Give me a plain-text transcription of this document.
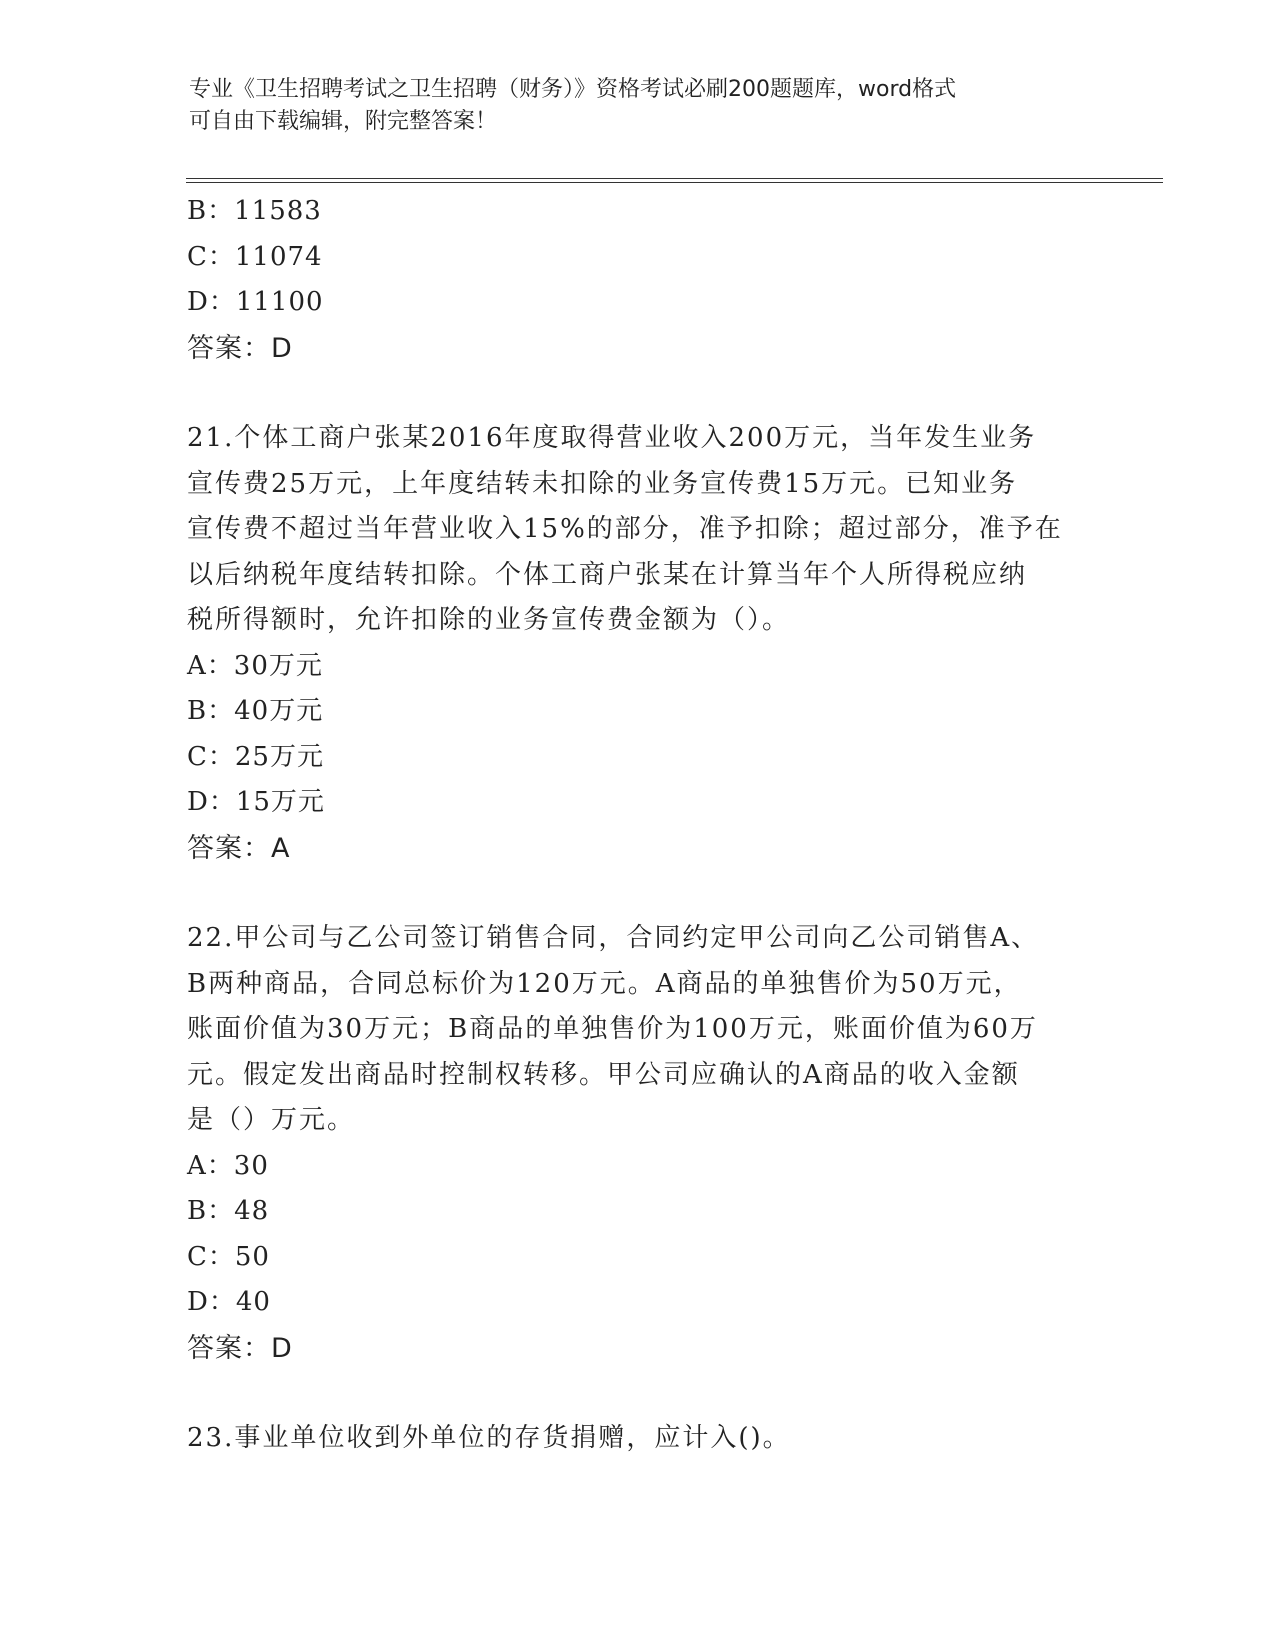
专业《卫生招聘考试之卫生招聘（财务）》资格考试必刷200题题库，word格式
可自由下载编辑，附完整答案！
B：11583
C：11074
D：11100
答案：D
21.个体工商户张某2016年度取得营业收入200万元，当年发生业务
宣传费25万元，上年度结转未扣除的业务宣传费15万元。已知业务
宣传费不超过当年营业收入15%的部分，准予扣除；超过部分，准予在
以后纳税年度结转扣除。个体工商户张某在计算当年个人所得税应纳
税所得额时，允许扣除的业务宣传费金额为（）。
A：30万元
B：40万元
C：25万元
D：15万元
答案：A
22.甲公司与乙公司签订销售合同，合同约定甲公司向乙公司销售A、
B两种商品，合同总标价为120万元。A商品的单独售价为50万元，
账面价值为30万元；B商品的单独售价为100万元，账面价值为60万
元。假定发出商品时控制权转移。甲公司应确认的A商品的收入金额
是（）万元。
A：30
B：48
C：50
D：40
答案：D
23.事业单位收到外单位的存货捐赠，应计入()。
